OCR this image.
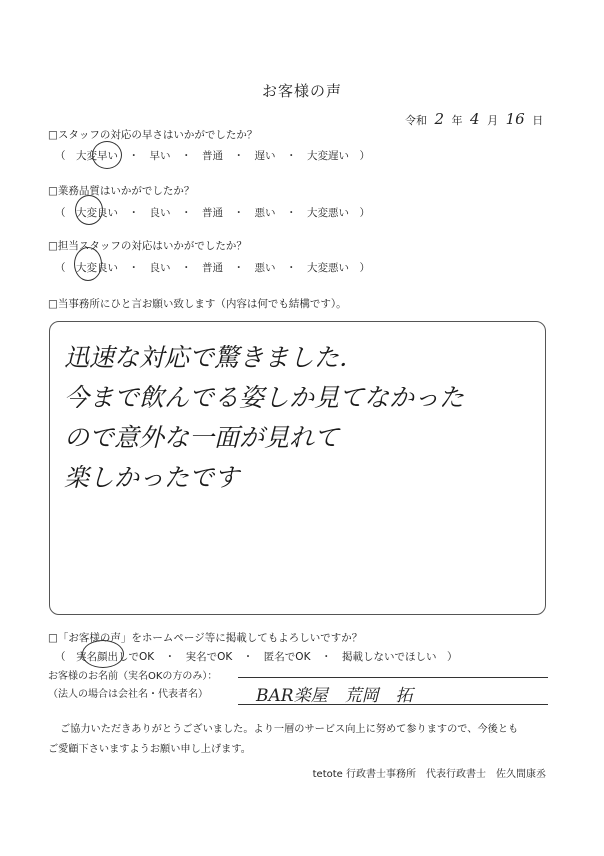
お客様の声
令和 2 年 4 月 16 日
□スタッフの対応の早さはいかがでしたか？
（　大変早い　・　早い　・　普通　・　遅い　・　大変遅い　）
□業務品質はいかがでしたか？
（　大変良い　・　良い　・　普通　・　悪い　・　大変悪い　）
□担当スタッフの対応はいかがでしたか？
（　大変良い　・　良い　・　普通　・　悪い　・　大変悪い　）
□当事務所にひと言お願い致します（内容は何でも結構です）。
迅速な対応で驚きました．
今まで飲んでる姿しか見てなかった
ので意外な一面が見れて
楽しかったです
□「お客様の声」をホームページ等に掲載してもよろしいですか？
（　実名顔出しでOK　・　実名でOK　・　匿名でOK　・　掲載しないでほしい　）
お客様のお名前（実名OKの方のみ）：
（法人の場合は会社名・代表者名）	BAR楽屋　荒岡　拓
ご協力いただきありがとうございました。より一層のサービス向上に努めて参りますので、今後とも
ご愛顧下さいますようお願い申し上げます。
tetote 行政書士事務所　代表行政書士　佐久間康丞
